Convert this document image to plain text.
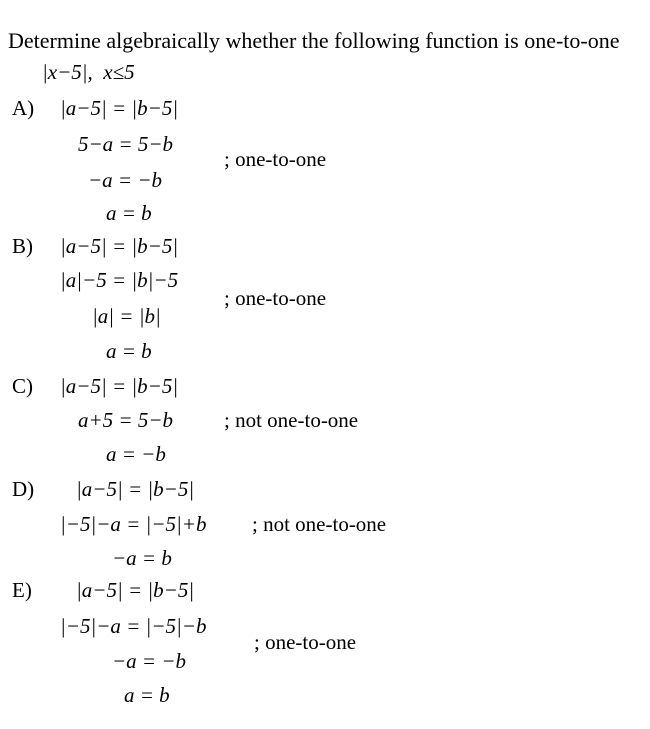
Determine algebraically whether the following function is one-to-one
|x−5|,  x≤5
A) |a−5| = |b−5|
5−a = 5−b
−a = −b
a = b
; one-to-one
B) |a−5| = |b−5|
|a|−5 = |b|−5
|a| = |b|
a = b
; one-to-one
C) |a−5| = |b−5|
a+5 = 5−b
a = −b
; not one-to-one
D) |a−5| = |b−5|
|−5|−a = |−5|+b
−a = b
; not one-to-one
E) |a−5| = |b−5|
|−5|−a = |−5|−b
−a = −b
a = b
; one-to-one
